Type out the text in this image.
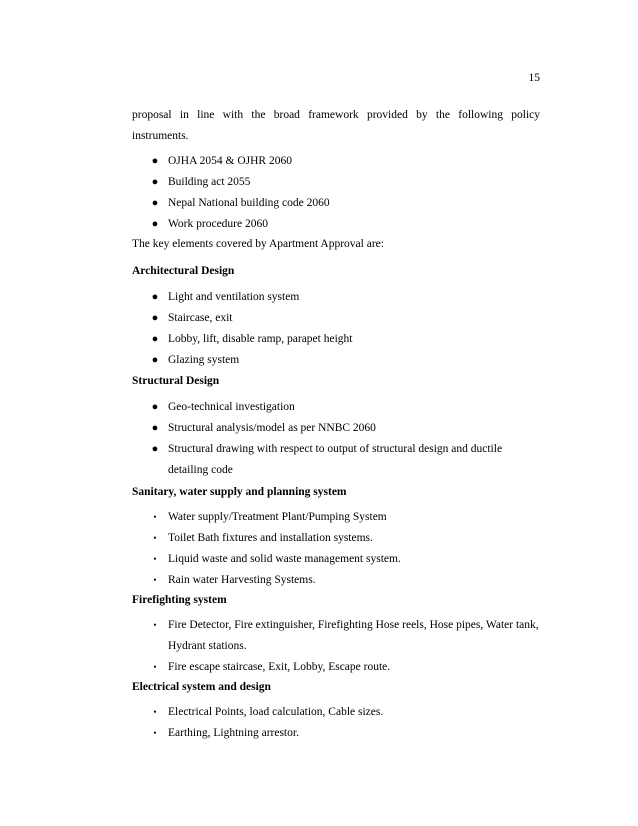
15
proposal in line with the broad framework provided by the following policy
instruments.
● OJHA 2054 & OJHR 2060
● Building act 2055
● Nepal National building code 2060
● Work procedure 2060
The key elements covered by Apartment Approval are:
Architectural Design
● Light and ventilation system
● Staircase, exit
● Lobby, lift, disable ramp, parapet height
● Glazing system
Structural Design
● Geo-technical investigation
● Structural analysis/model as per NNBC 2060
● Structural drawing with respect to output of structural design and ductile detailing code
Sanitary, water supply and planning system
• Water supply/Treatment Plant/Pumping System
• Toilet Bath fixtures and installation systems.
• Liquid waste and solid waste management system.
• Rain water Harvesting Systems.
Firefighting system
• Fire Detector, Fire extinguisher, Firefighting Hose reels, Hose pipes, Water tank, Hydrant stations.
• Fire escape staircase, Exit, Lobby, Escape route.
Electrical system and design
• Electrical Points, load calculation, Cable sizes.
• Earthing, Lightning arrestor.
